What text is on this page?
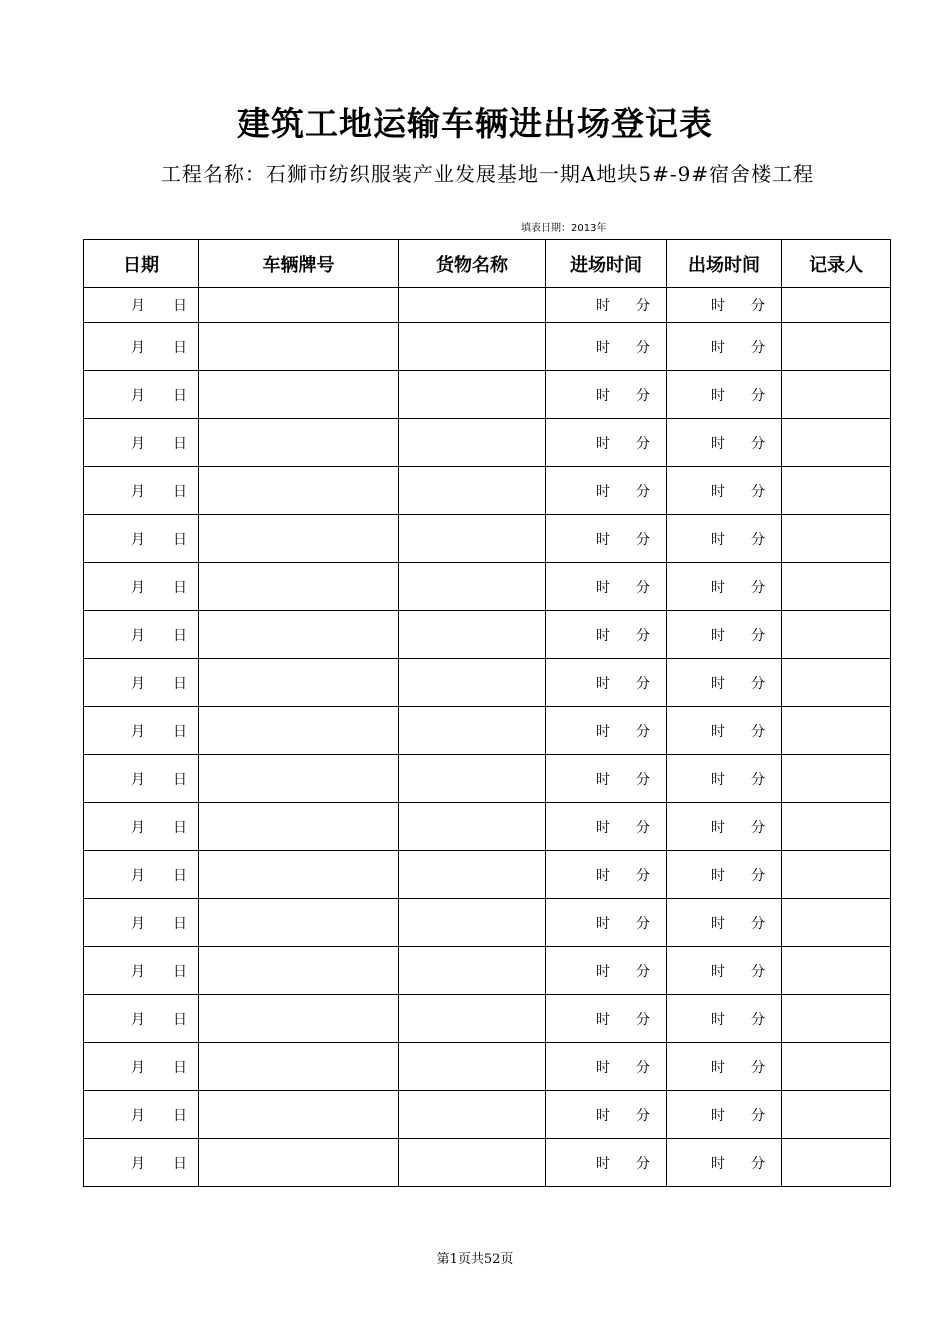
建筑工地运输车辆进出场登记表
工程名称：石狮市纺织服装产业发展基地一期A地块5#-9#宿舍楼工程
填表日期：2013年
日期	车辆牌号	货物名称	进场时间	出场时间	记录人

月 日			时 分	时 分	

月 日			时 分	时 分	

月 日			时 分	时 分	

月 日			时 分	时 分	

月 日			时 分	时 分	

月 日			时 分	时 分	

月 日			时 分	时 分	

月 日			时 分	时 分	

月 日			时 分	时 分	

月 日			时 分	时 分	

月 日			时 分	时 分	

月 日			时 分	时 分	

月 日			时 分	时 分	

月 日			时 分	时 分	

月 日			时 分	时 分	

月 日			时 分	时 分	

月 日			时 分	时 分	

月 日			时 分	时 分	

月 日			时 分	时 分	

第1页共52页
